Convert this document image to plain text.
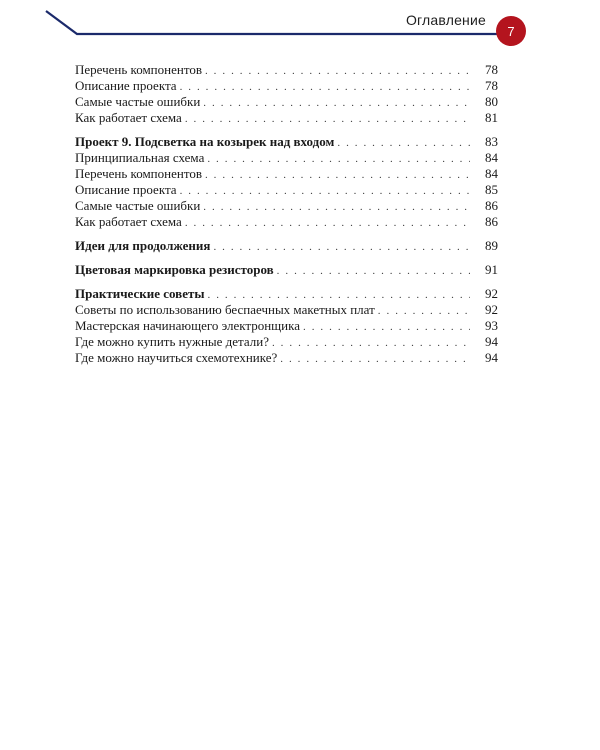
Оглавление
7
Перечень компонентов . . .	78
Описание проекта . . .	78
Самые частые ошибки . . .	80
Как работает схема . . .	81
Проект 9. Подсветка на козырек над входом . . .	83
Принципиальная схема . . .	84
Перечень компонентов . . .	84
Описание проекта . . .	85
Самые частые ошибки . . .	86
Как работает схема . . .	86
Идеи для продолжения . . .	89
Цветовая маркировка резисторов . . .	91
Практические советы . . .	92
Советы по использованию беспаечных макетных плат . . .	92
Мастерская начинающего электронщика . . .	93
Где можно купить нужные детали? . . .	94
Где можно научиться схемотехнике? . . .	94
